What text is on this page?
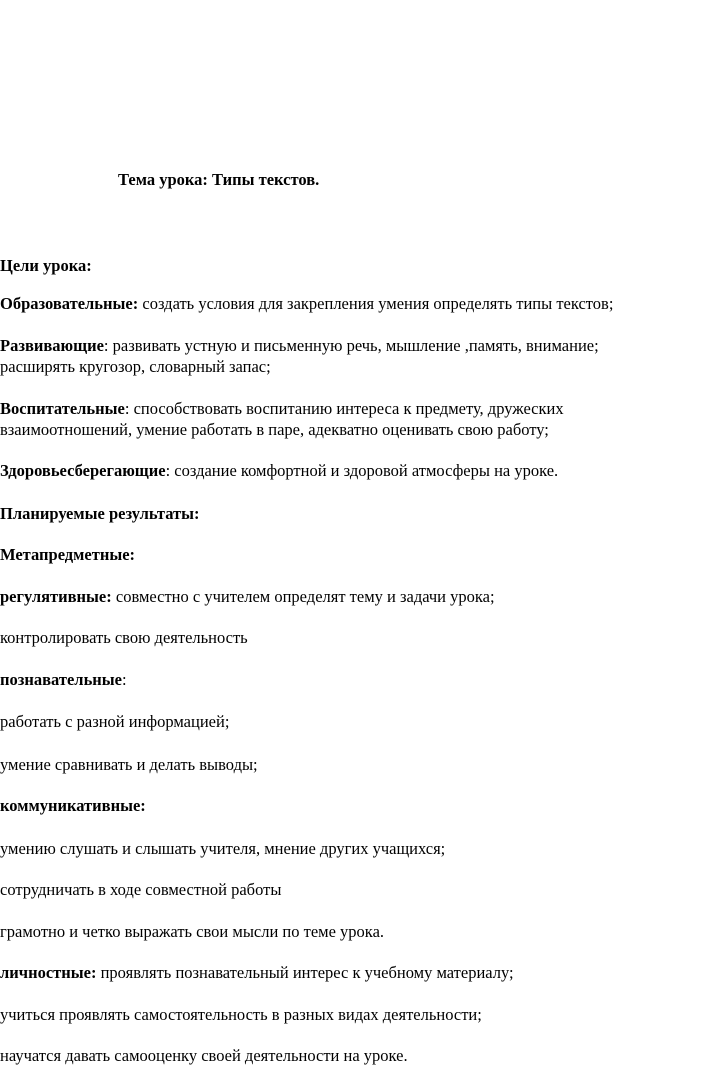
Тема урока: Типы текстов.
Цели урока:
Образовательные: создать условия для закрепления умения определять типы текстов;
Развивающие: развивать устную и письменную речь, мышление ,память, внимание;
расширять кругозор, словарный запас;
Воспитательные: способствовать воспитанию интереса к предмету, дружеских
взаимоотношений, умение работать в паре, адекватно оценивать свою работу;
Здоровьесберегающие: создание комфортной и здоровой атмосферы на уроке.
Планируемые результаты:
Метапредметные:
регулятивные: совместно с учителем определят тему и задачи урока;
контролировать свою деятельность
познавательные:
работать с разной информацией;
умение сравнивать и делать выводы;
коммуникативные:
умению слушать и слышать учителя, мнение других учащихся;
сотрудничать в ходе совместной работы
грамотно и четко выражать свои мысли по теме урока.
личностные: проявлять познавательный интерес к учебному материалу;
учиться проявлять самостоятельность в разных видах деятельности;
научатся давать самооценку своей деятельности на уроке.
